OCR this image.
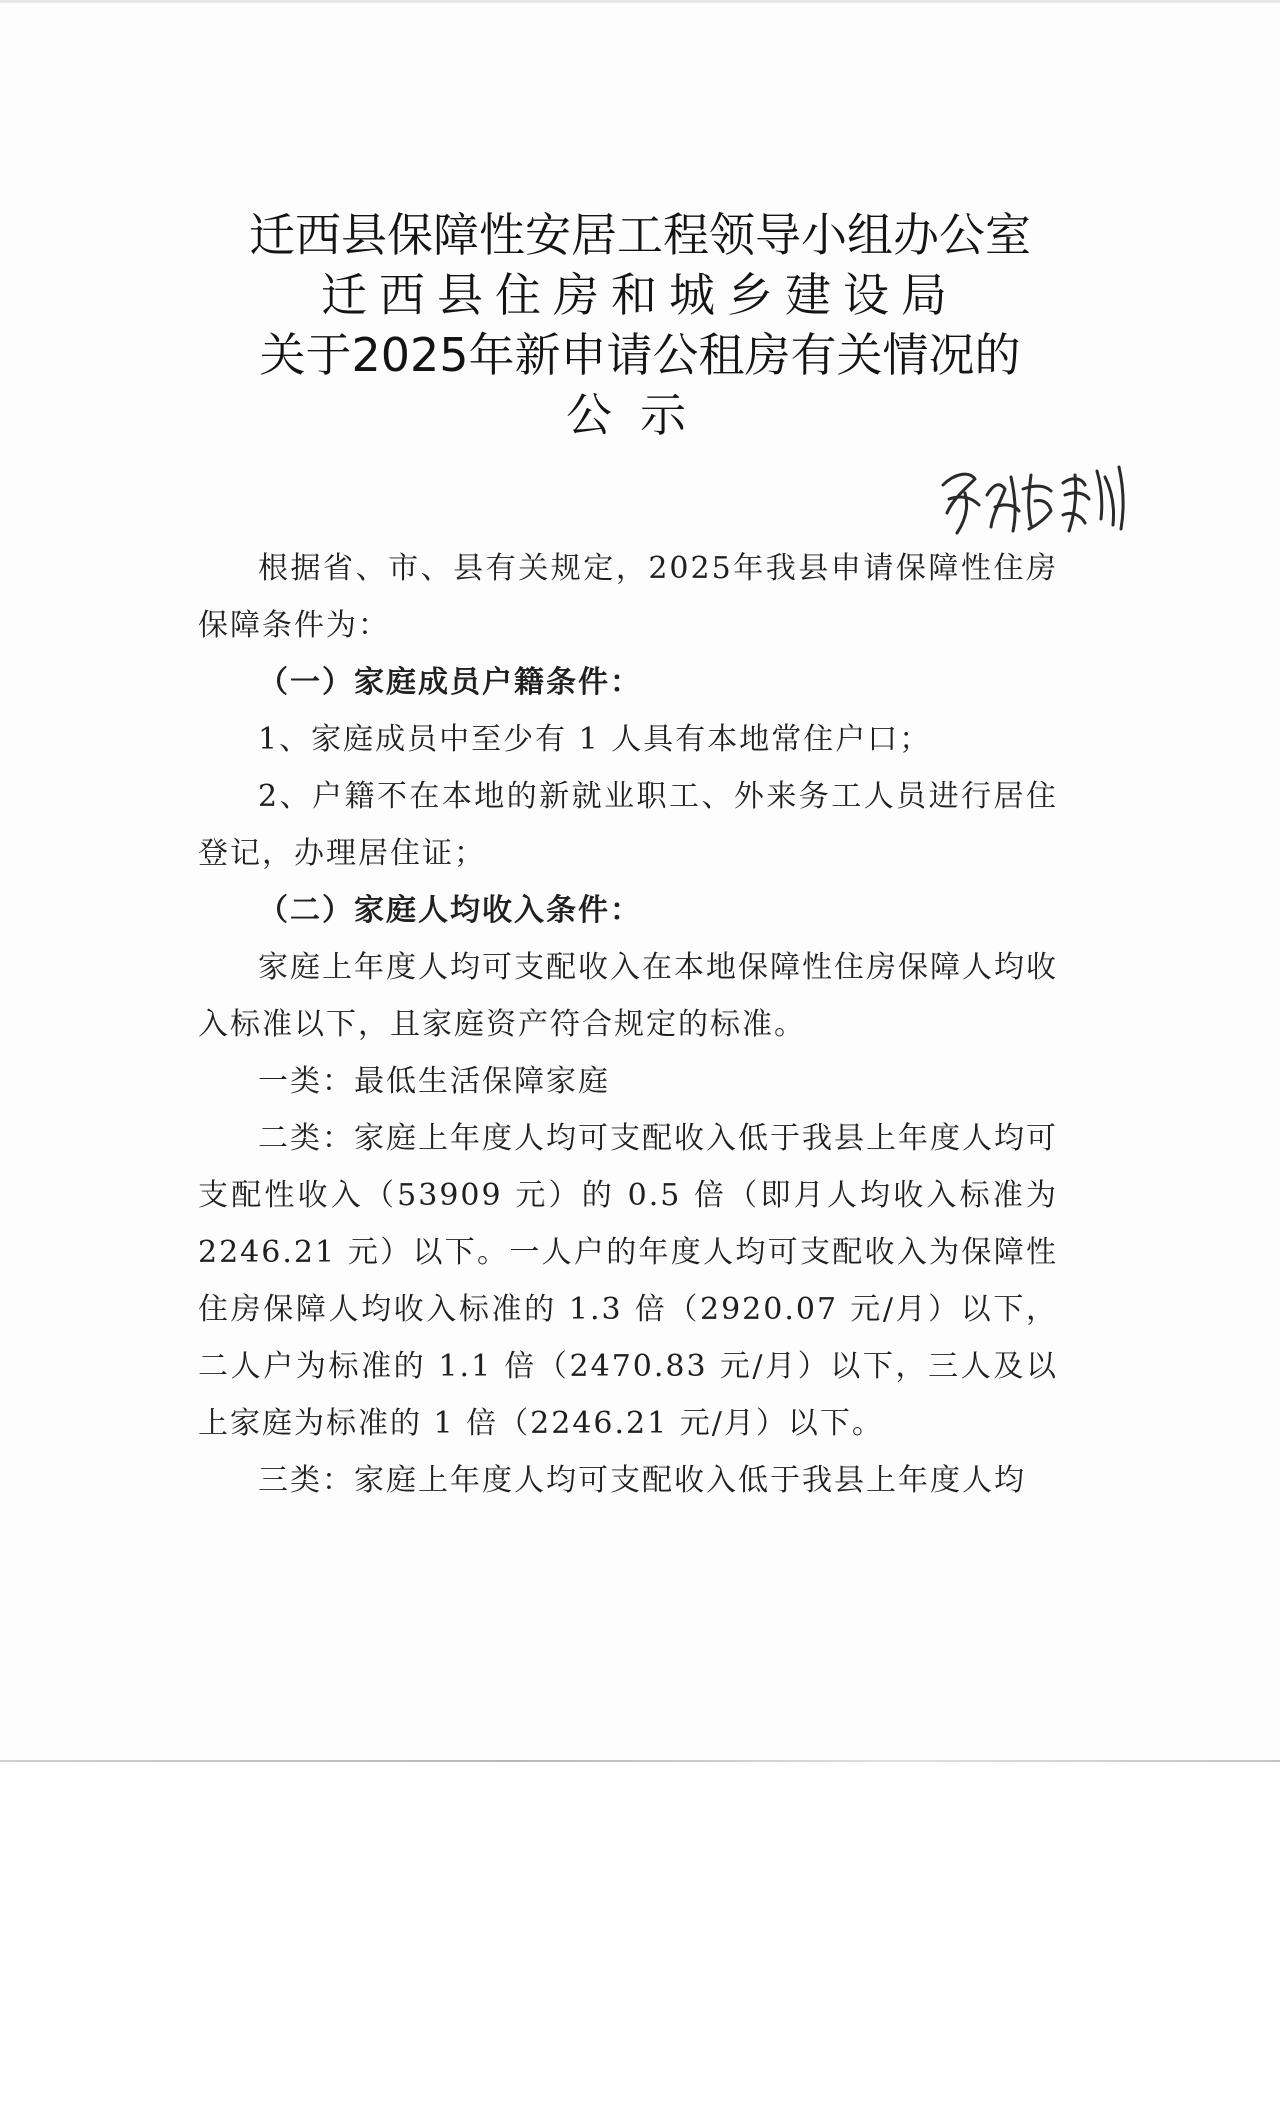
迁西县保障性安居工程领导小组办公室
迁西县住房和城乡建设局
关于2025年新申请公租房有关情况的
公示

根据省、市、县有关规定，2025年我县申请保障性住房保障条件为：

（一）家庭成员户籍条件：

1、家庭成员中至少有 1 人具有本地常住户口；

2、户籍不在本地的新就业职工、外来务工人员进行居住登记，办理居住证；

（二）家庭人均收入条件：

家庭上年度人均可支配收入在本地保障性住房保障人均收入标准以下，且家庭资产符合规定的标准。

一类：最低生活保障家庭

二类：家庭上年度人均可支配收入低于我县上年度人均可支配性收入（53909 元）的 0.5 倍（即月人均收入标准为2246.21 元）以下。一人户的年度人均可支配收入为保障性住房保障人均收入标准的 1.3 倍（2920.07 元/月）以下，二人户为标准的 1.1 倍（2470.83 元/月）以下，三人及以上家庭为标准的 1 倍（2246.21 元/月）以下。

三类：家庭上年度人均可支配收入低于我县上年度人均
